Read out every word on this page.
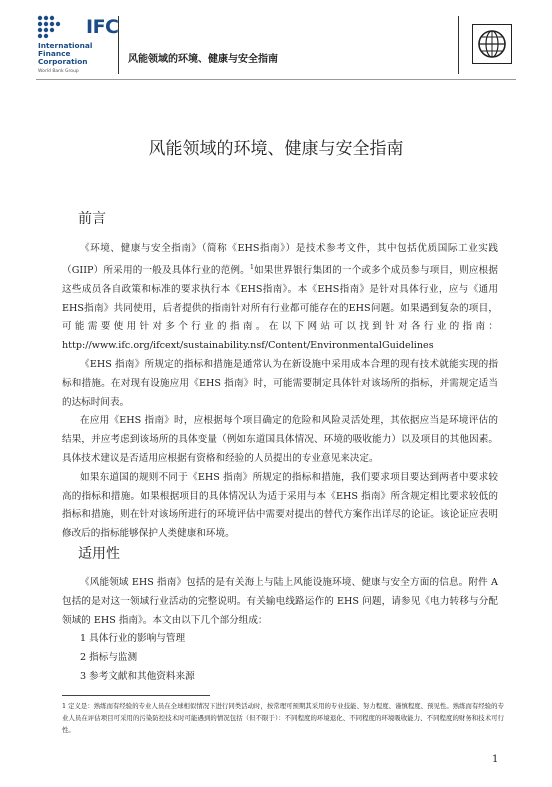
IFC
International
Finance
Corporation
World Bank Group
风能领域的环境、健康与安全指南
风能领域的环境、健康与安全指南
前言

《环境、健康与安全指南》（简称《EHS指南》）是技术参考文件，其中包括优质国际工业实践（GIIP）所采用的一般及具体行业的范例。$^1$如果世界银行集团的一个或多个成员参与项目，则应根据这些成员各自政策和标准的要求执行本《EHS指南》。本《EHS指南》是针对具体行业，应与《通用EHS指南》共同使用，后者提供的指南针对所有行业都可能存在的EHS问题。如果遇到复杂的项目，可能需要使用针对多个行业的指南。在以下网站可以找到针对各行业的指南：http://www.ifc.org/ifcext/sustainability.nsf/Content/EnvironmentalGuidelines

《EHS 指南》所规定的指标和措施是通常认为在新设施中采用成本合理的现有技术就能实现的指标和措施。在对现有设施应用《EHS 指南》时，可能需要制定具体针对该场所的指标，并需规定适当的达标时间表。

在应用《EHS 指南》时，应根据每个项目确定的危险和风险灵活处理，其依据应当是环境评估的结果，并应考虑到该场所的具体变量（例如东道国具体情况、环境的吸收能力）以及项目的其他因素。具体技术建议是否适用应根据有资格和经验的人员提出的专业意见来决定。

如果东道国的规则不同于《EHS 指南》所规定的指标和措施，我们要求项目要达到两者中要求较高的指标和措施。如果根据项目的具体情况认为适于采用与本《EHS 指南》所含规定相比要求较低的指标和措施，则在针对该场所进行的环境评估中需要对提出的替代方案作出详尽的论证。该论证应表明修改后的指标能够保护人类健康和环境。

适用性

《风能领域 EHS 指南》包括的是有关海上与陆上风能设施环境、健康与安全方面的信息。附件 A 包括的是对这一领域行业活动的完整说明。有关输电线路运作的 EHS 问题，请参见《电力转移与分配领域的 EHS 指南》。本文由以下几个部分组成：

1 具体行业的影响与管理
2 指标与监测
3 参考文献和其他资料来源
1 定义是：熟练而有经验的专业人员在全球相似情况下进行同类活动时，按常理可预期其采用的专业技能、努力程度、谨慎程度、预见性。熟练而有经验的专业人员在评估项目可采用的污染防控技术时可能遇到的情况包括（但不限于）：不同程度的环境退化、不同程度的环境吸收能力、不同程度的财务和技术可行性。
1
